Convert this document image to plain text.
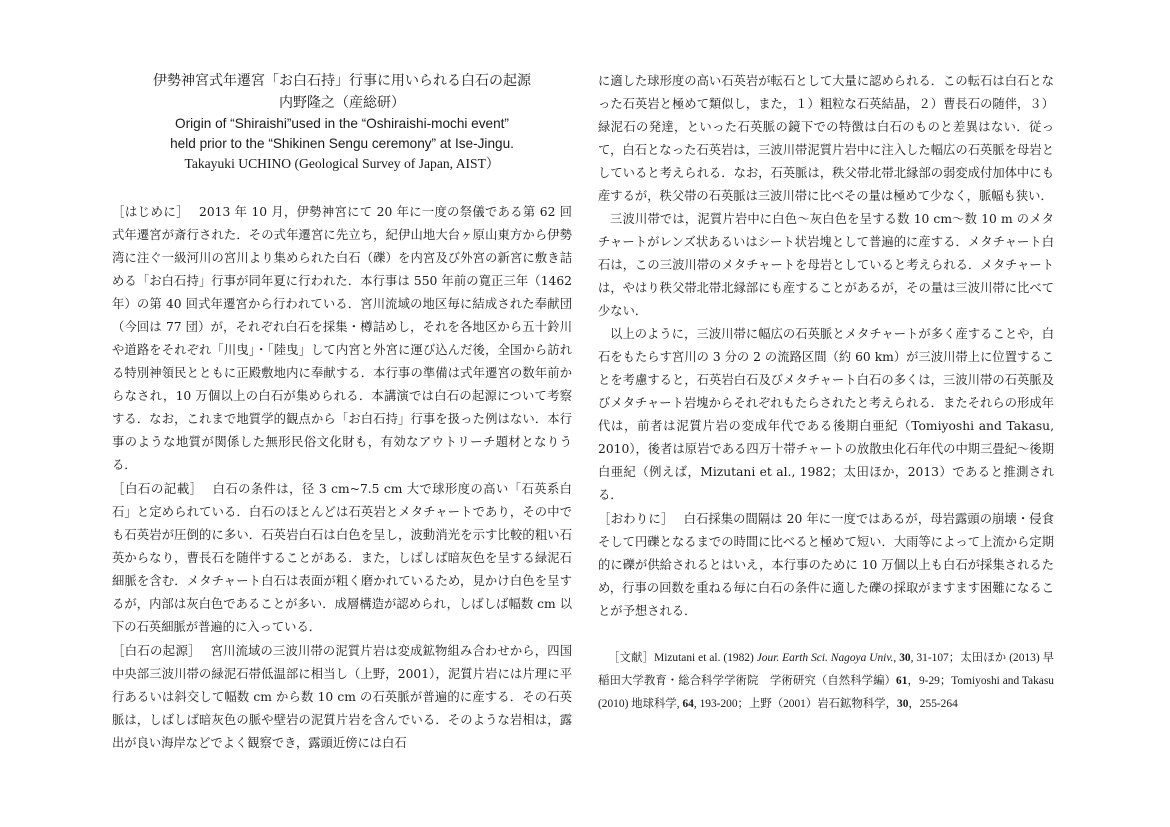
伊勢神宮式年遷宮「お白石持」行事に用いられる白石の起源

内野隆之（産総研）

Origin of “Shiraishi”used in the “Oshiraishi-mochi event”

held prior to the “Shikinen Sengu ceremony” at Ise-Jingu.

Takayuki UCHINO (Geological Survey of Japan, AIST）

［はじめに］ 2013 年 10 月，伊勢神宮にて 20 年に一度の祭儀である第 62 回式年遷宮が斎行された．その式年遷宮に先立ち，紀伊山地大台ヶ原山東方から伊勢湾に注ぐ一級河川の宮川より集められた白石（礫）を内宮及び外宮の新宮に敷き詰める「お白石持」行事が同年夏に行われた．本行事は 550 年前の寛正三年（1462 年）の第 40 回式年遷宮から行われている．宮川流域の地区毎に結成された奉献団（今回は 77 団）が，それぞれ白石を採集・樽詰めし，それを各地区から五十鈴川や道路をそれぞれ「川曳」・「陸曳」して内宮と外宮に運び込んだ後，全国から訪れる特別神領民とともに正殿敷地内に奉献する．本行事の準備は式年遷宮の数年前からなされ，10 万個以上の白石が集められる．本講演では白石の起源について考察する．なお，これまで地質学的観点から「お白石持」行事を扱った例はない．本行事のような地質が関係した無形民俗文化財も，有効なアウトリーチ題材となりうる．

［白石の記載］ 白石の条件は，径 3 cm~7.5 cm 大で球形度の高い「石英系白石」と定められている．白石のほとんどは石英岩とメタチャートであり，その中でも石英岩が圧倒的に多い．石英岩白石は白色を呈し，波動消光を示す比較的粗い石英からなり，曹長石を随伴することがある．また，しばしば暗灰色を呈する緑泥石細脈を含む．メタチャート白石は表面が粗く磨かれているため，見かけ白色を呈するが，内部は灰白色であることが多い．成層構造が認められ，しばしば幅数 cm 以下の石英細脈が普遍的に入っている．

［白石の起源］ 宮川流域の三波川帯の泥質片岩は変成鉱物組み合わせから，四国中央部三波川帯の緑泥石帯低温部に相当し（上野，2001），泥質片岩には片理に平行あるいは斜交して幅数 cm から数 10 cm の石英脈が普遍的に産する．その石英脈は，しばしば暗灰色の脈や壁岩の泥質片岩を含んでいる．そのような岩相は，露出が良い海岸などでよく観察でき，露頭近傍には白石

に適した球形度の高い石英岩が転石として大量に認められる．この転石は白石となった石英岩と極めて類似し，また，１）粗粒な石英結晶，２）曹長石の随伴，３）緑泥石の発達，といった石英脈の鏡下での特徴は白石のものと差異はない．従って，白石となった石英岩は，三波川帯泥質片岩中に注入した幅広の石英脈を母岩としていると考えられる．なお，石英脈は，秩父帯北帯北縁部の弱変成付加体中にも産するが，秩父帯の石英脈は三波川帯に比べその量は極めて少なく，脈幅も狭い．

三波川帯では，泥質片岩中に白色～灰白色を呈する数 10 cm～数 10 m のメタチャートがレンズ状あるいはシート状岩塊として普遍的に産する．メタチャート白石は，この三波川帯のメタチャートを母岩としていると考えられる．メタチャートは，やはり秩父帯北帯北縁部にも産することがあるが，その量は三波川帯に比べて少ない．

以上のように，三波川帯に幅広の石英脈とメタチャートが多く産することや，白石をもたらす宮川の 3 分の 2 の流路区間（約 60 km）が三波川帯上に位置することを考慮すると，石英岩白石及びメタチャート白石の多くは，三波川帯の石英脈及びメタチャート岩塊からそれぞれもたらされたと考えられる．またそれらの形成年代は，前者は泥質片岩の変成年代である後期白亜紀（Tomiyoshi and Takasu, 2010），後者は原岩である四万十帯チャートの放散虫化石年代の中期三畳紀～後期白亜紀（例えば，Mizutani et al., 1982；太田ほか，2013）であると推測される．

［おわりに］ 白石採集の間隔は 20 年に一度ではあるが，母岩露頭の崩壊・侵食そして円礫となるまでの時間に比べると極めて短い．大雨等によって上流から定期的に礫が供給されるとはいえ，本行事のために 10 万個以上も白石が採集されるため，行事の回数を重ねる毎に白石の条件に適した礫の採取がますます困難になることが予想される．

［文献］Mizutani et al. (1982) Jour. Earth Sci. Nagoya Univ., 30, 31-107；太田ほか (2013) 早稲田大学教育・総合科学学術院　学術研究（自然科学編）61，9-29；Tomiyoshi and Takasu (2010) 地球科学, 64, 193-200；上野（2001）岩石鉱物科学，30，255-264
